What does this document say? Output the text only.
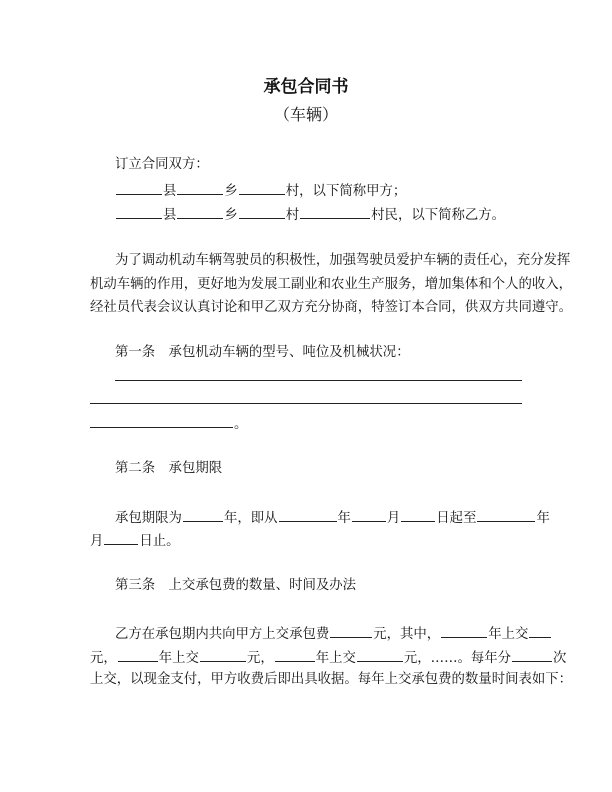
承包合同书
（车辆）
订立合同双方：
县	乡	村，以下简称甲方；
县	乡	村	村民，以下简称乙方。
为了调动机动车辆驾驶员的积极性，加强驾驶员爱护车辆的责任心，充分发挥
机动车辆的作用，更好地为发展工副业和农业生产服务，增加集体和个人的收入，
经社员代表会议认真讨论和甲乙双方充分协商，特签订本合同，供双方共同遵守。
第一条　承包机动车辆的型号、吨位及机械状况：
。
第二条　承包期限
承包期限为	年，即从	年	月	日起至	年
月	日止。
第三条　上交承包费的数量、时间及办法
乙方在承包期内共向甲方上交承包费	元，其中，	年上交
元，	年上交	元，	年上交	元，……。每年分	次
上交，以现金支付，甲方收费后即出具收据。每年上交承包费的数量时间表如下：
